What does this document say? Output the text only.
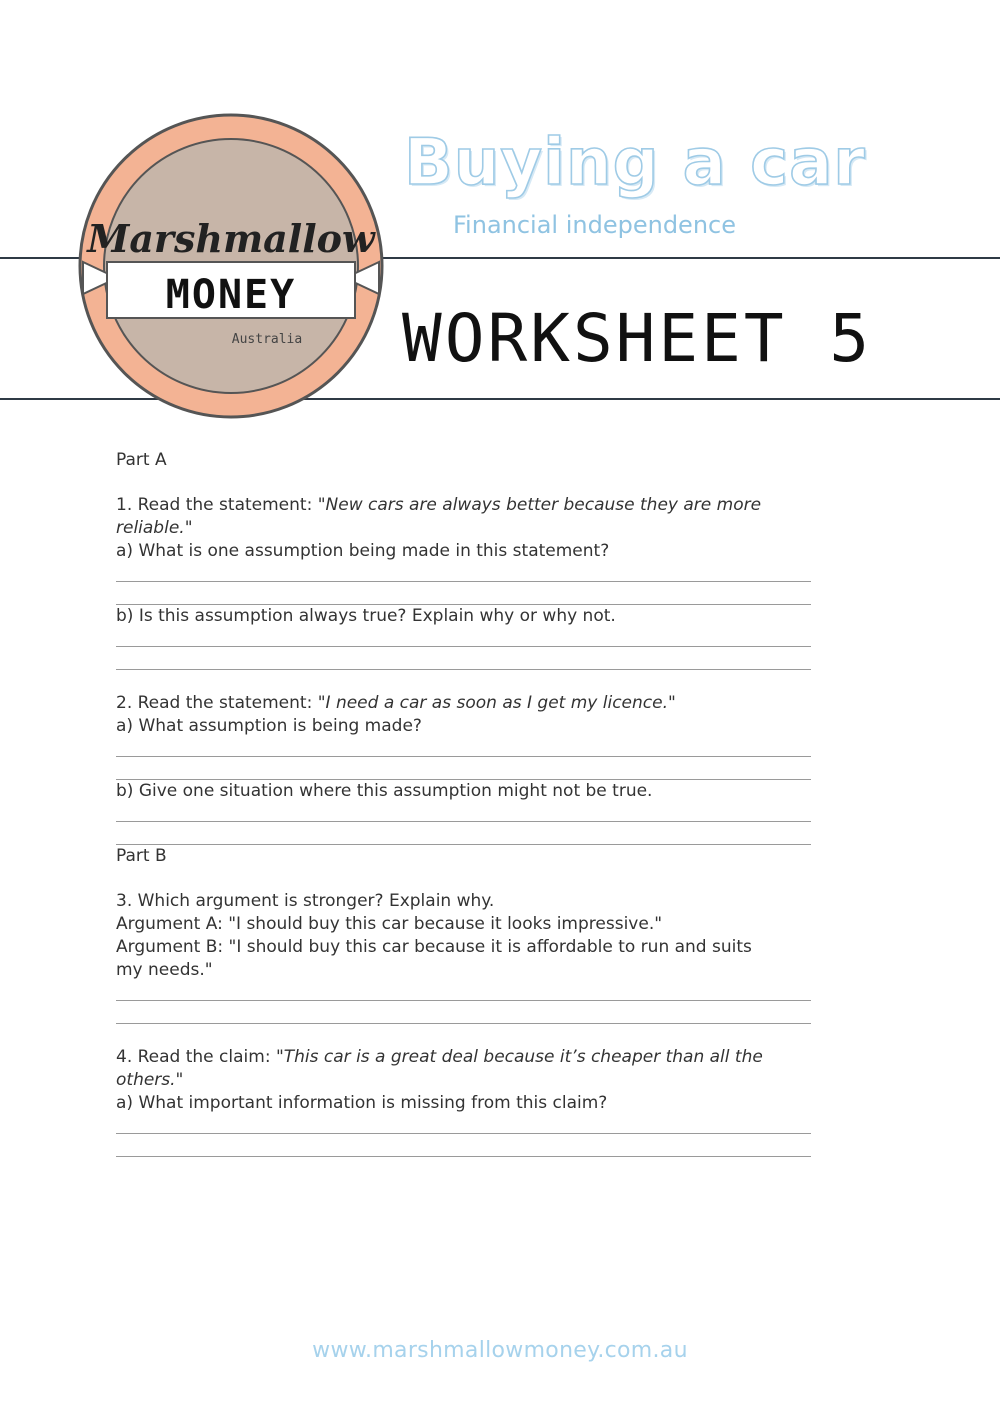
Marshmallow
MONEY
Australia
Buying a car
Financial independence
WORKSHEET 5

Part A

1. Read the statement: "New cars are always better because they are more

reliable."

a) What is one assumption being made in this statement?

b) Is this assumption always true? Explain why or why not.

2. Read the statement: "I need a car as soon as I get my licence."

a) What assumption is being made?

b) Give one situation where this assumption might not be true.

Part B

3. Which argument is stronger? Explain why.

Argument A: "I should buy this car because it looks impressive."

Argument B: "I should buy this car because it is affordable to run and suits

my needs."

4. Read the claim: "This car is a great deal because it’s cheaper than all the

others."

a) What important information is missing from this claim?

www.marshmallowmoney.com.au
